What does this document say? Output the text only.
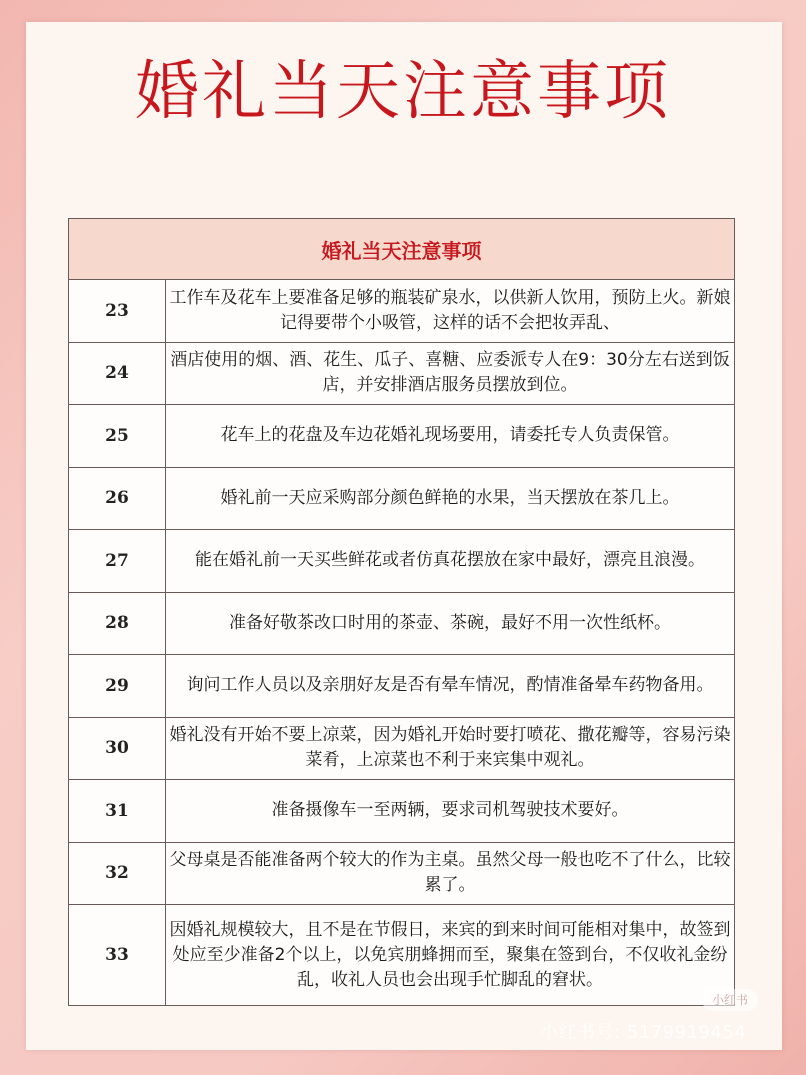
婚礼当天注意事项
婚礼当天注意事项	
23	工作车及花车上要准备足够的瓶装矿泉水，以供新人饮用，预防上火。新娘记得要带个小吸管，这样的话不会把妆弄乱、
24	酒店使用的烟、酒、花生、瓜子、喜糖、应委派专人在9：30分左右送到饭店，并安排酒店服务员摆放到位。
25	花车上的花盘及车边花婚礼现场要用，请委托专人负责保管。
26	婚礼前一天应采购部分颜色鲜艳的水果，当天摆放在茶几上。
27	能在婚礼前一天买些鲜花或者仿真花摆放在家中最好，漂亮且浪漫。
28	准备好敬茶改口时用的茶壶、茶碗，最好不用一次性纸杯。
29	询问工作人员以及亲朋好友是否有晕车情况，酌情准备晕车药物备用。
30	婚礼没有开始不要上凉菜，因为婚礼开始时要打喷花、撒花瓣等，容易污染菜肴，上凉菜也不利于来宾集中观礼。
31	准备摄像车一至两辆，要求司机驾驶技术要好。
32	父母桌是否能准备两个较大的作为主桌。虽然父母一般也吃不了什么，比较累了。
33	因婚礼规模较大，且不是在节假日，来宾的到来时间可能相对集中，故签到处应至少准备2个以上，以免宾朋蜂拥而至，聚集在签到台，不仅收礼金纷乱，收礼人员也会出现手忙脚乱的窘状。
小红书
小红书号: 5179919454
